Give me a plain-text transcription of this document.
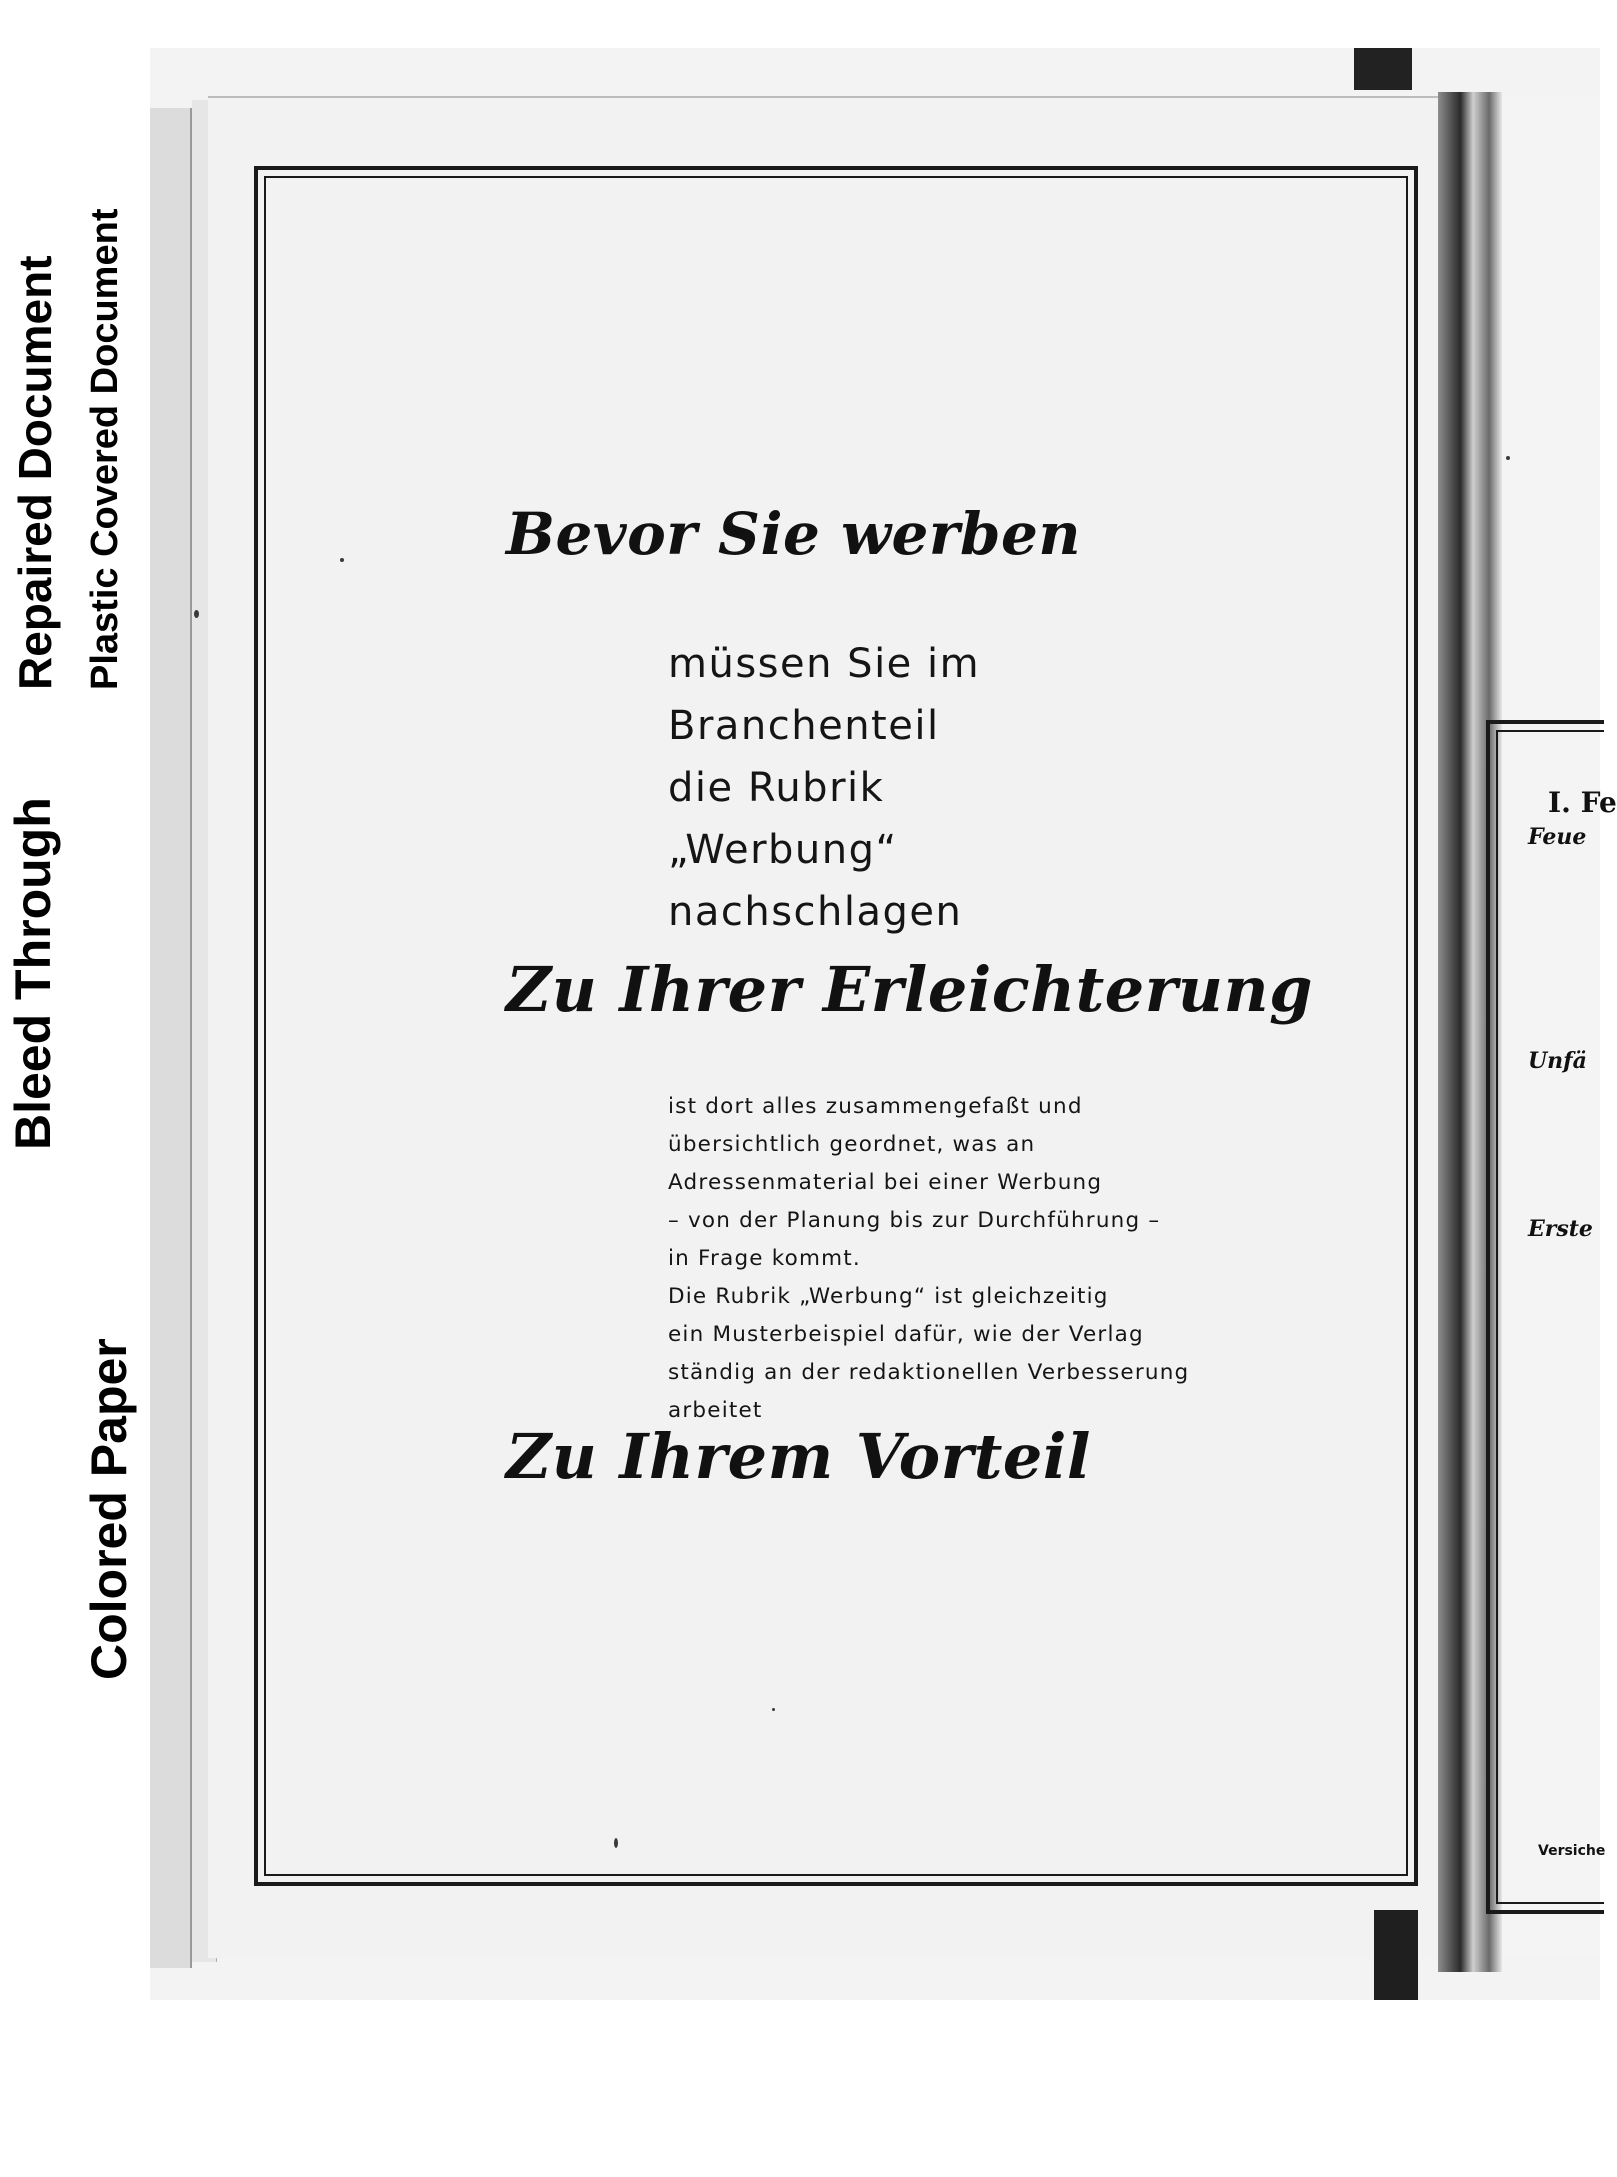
Bleed Through

Repaired Document Plastic Covered Document

Colored Paper

Bevor Sie werben
müssen Sie im
Branchenteil
die Rubrik
„Werbung“
nachschlagen
Zu Ihrer Erleichterung
ist dort alles zusammengefaßt und
übersichtlich geordnet, was an
Adressenmaterial bei einer Werbung
– von der Planung bis zur Durchführung –
in Frage kommt.
Die Rubrik „Werbung“ ist gleichzeitig
ein Musterbeispiel dafür, wie der Verlag
ständig an der redaktionellen Verbesserung
arbeitet
Zu Ihrem Vorteil

I. Fe

Feue

Unfä

Erste

Versiche
